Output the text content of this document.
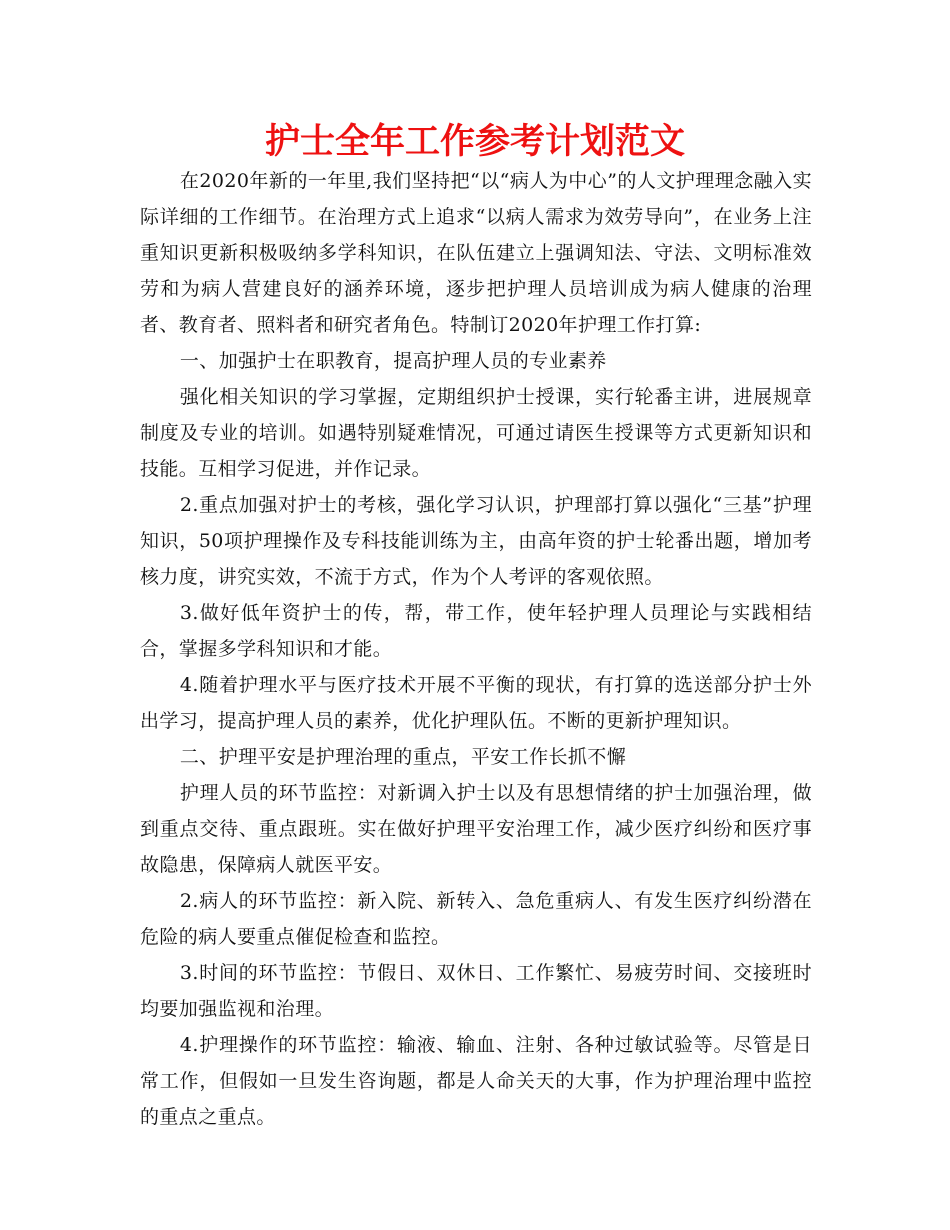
护士全年工作参考计划范文

在2020年新的一年里,我们坚持把“以“病人为中心”的人文护理理念融入实际详细的工作细节。在治理方式上追求“以病人需求为效劳导向”，在业务上注重知识更新积极吸纳多学科知识，在队伍建立上强调知法、守法、文明标准效劳和为病人营建良好的涵养环境，逐步把护理人员培训成为病人健康的治理者、教育者、照料者和研究者角色。特制订2020年护理工作打算:

一、加强护士在职教育，提高护理人员的专业素养

强化相关知识的学习掌握，定期组织护士授课，实行轮番主讲，进展规章制度及专业的培训。如遇特别疑难情况，可通过请医生授课等方式更新知识和技能。互相学习促进，并作记录。

2.重点加强对护士的考核，强化学习认识，护理部打算以强化“三基”护理知识，50项护理操作及专科技能训练为主，由高年资的护士轮番出题，增加考核力度，讲究实效，不流于方式，作为个人考评的客观依照。

3.做好低年资护士的传，帮，带工作，使年轻护理人员理论与实践相结合，掌握多学科知识和才能。

4.随着护理水平与医疗技术开展不平衡的现状，有打算的选送部分护士外出学习，提高护理人员的素养，优化护理队伍。不断的更新护理知识。

二、护理平安是护理治理的重点，平安工作长抓不懈

护理人员的环节监控：对新调入护士以及有思想情绪的护士加强治理，做到重点交待、重点跟班。实在做好护理平安治理工作，减少医疗纠纷和医疗事故隐患，保障病人就医平安。

2.病人的环节监控：新入院、新转入、急危重病人、有发生医疗纠纷潜在危险的病人要重点催促检查和监控。

3.时间的环节监控：节假日、双休日、工作繁忙、易疲劳时间、交接班时均要加强监视和治理。

4.护理操作的环节监控：输液、输血、注射、各种过敏试验等。尽管是日常工作，但假如一旦发生咨询题，都是人命关天的大事，作为护理治理中监控的重点之重点。
